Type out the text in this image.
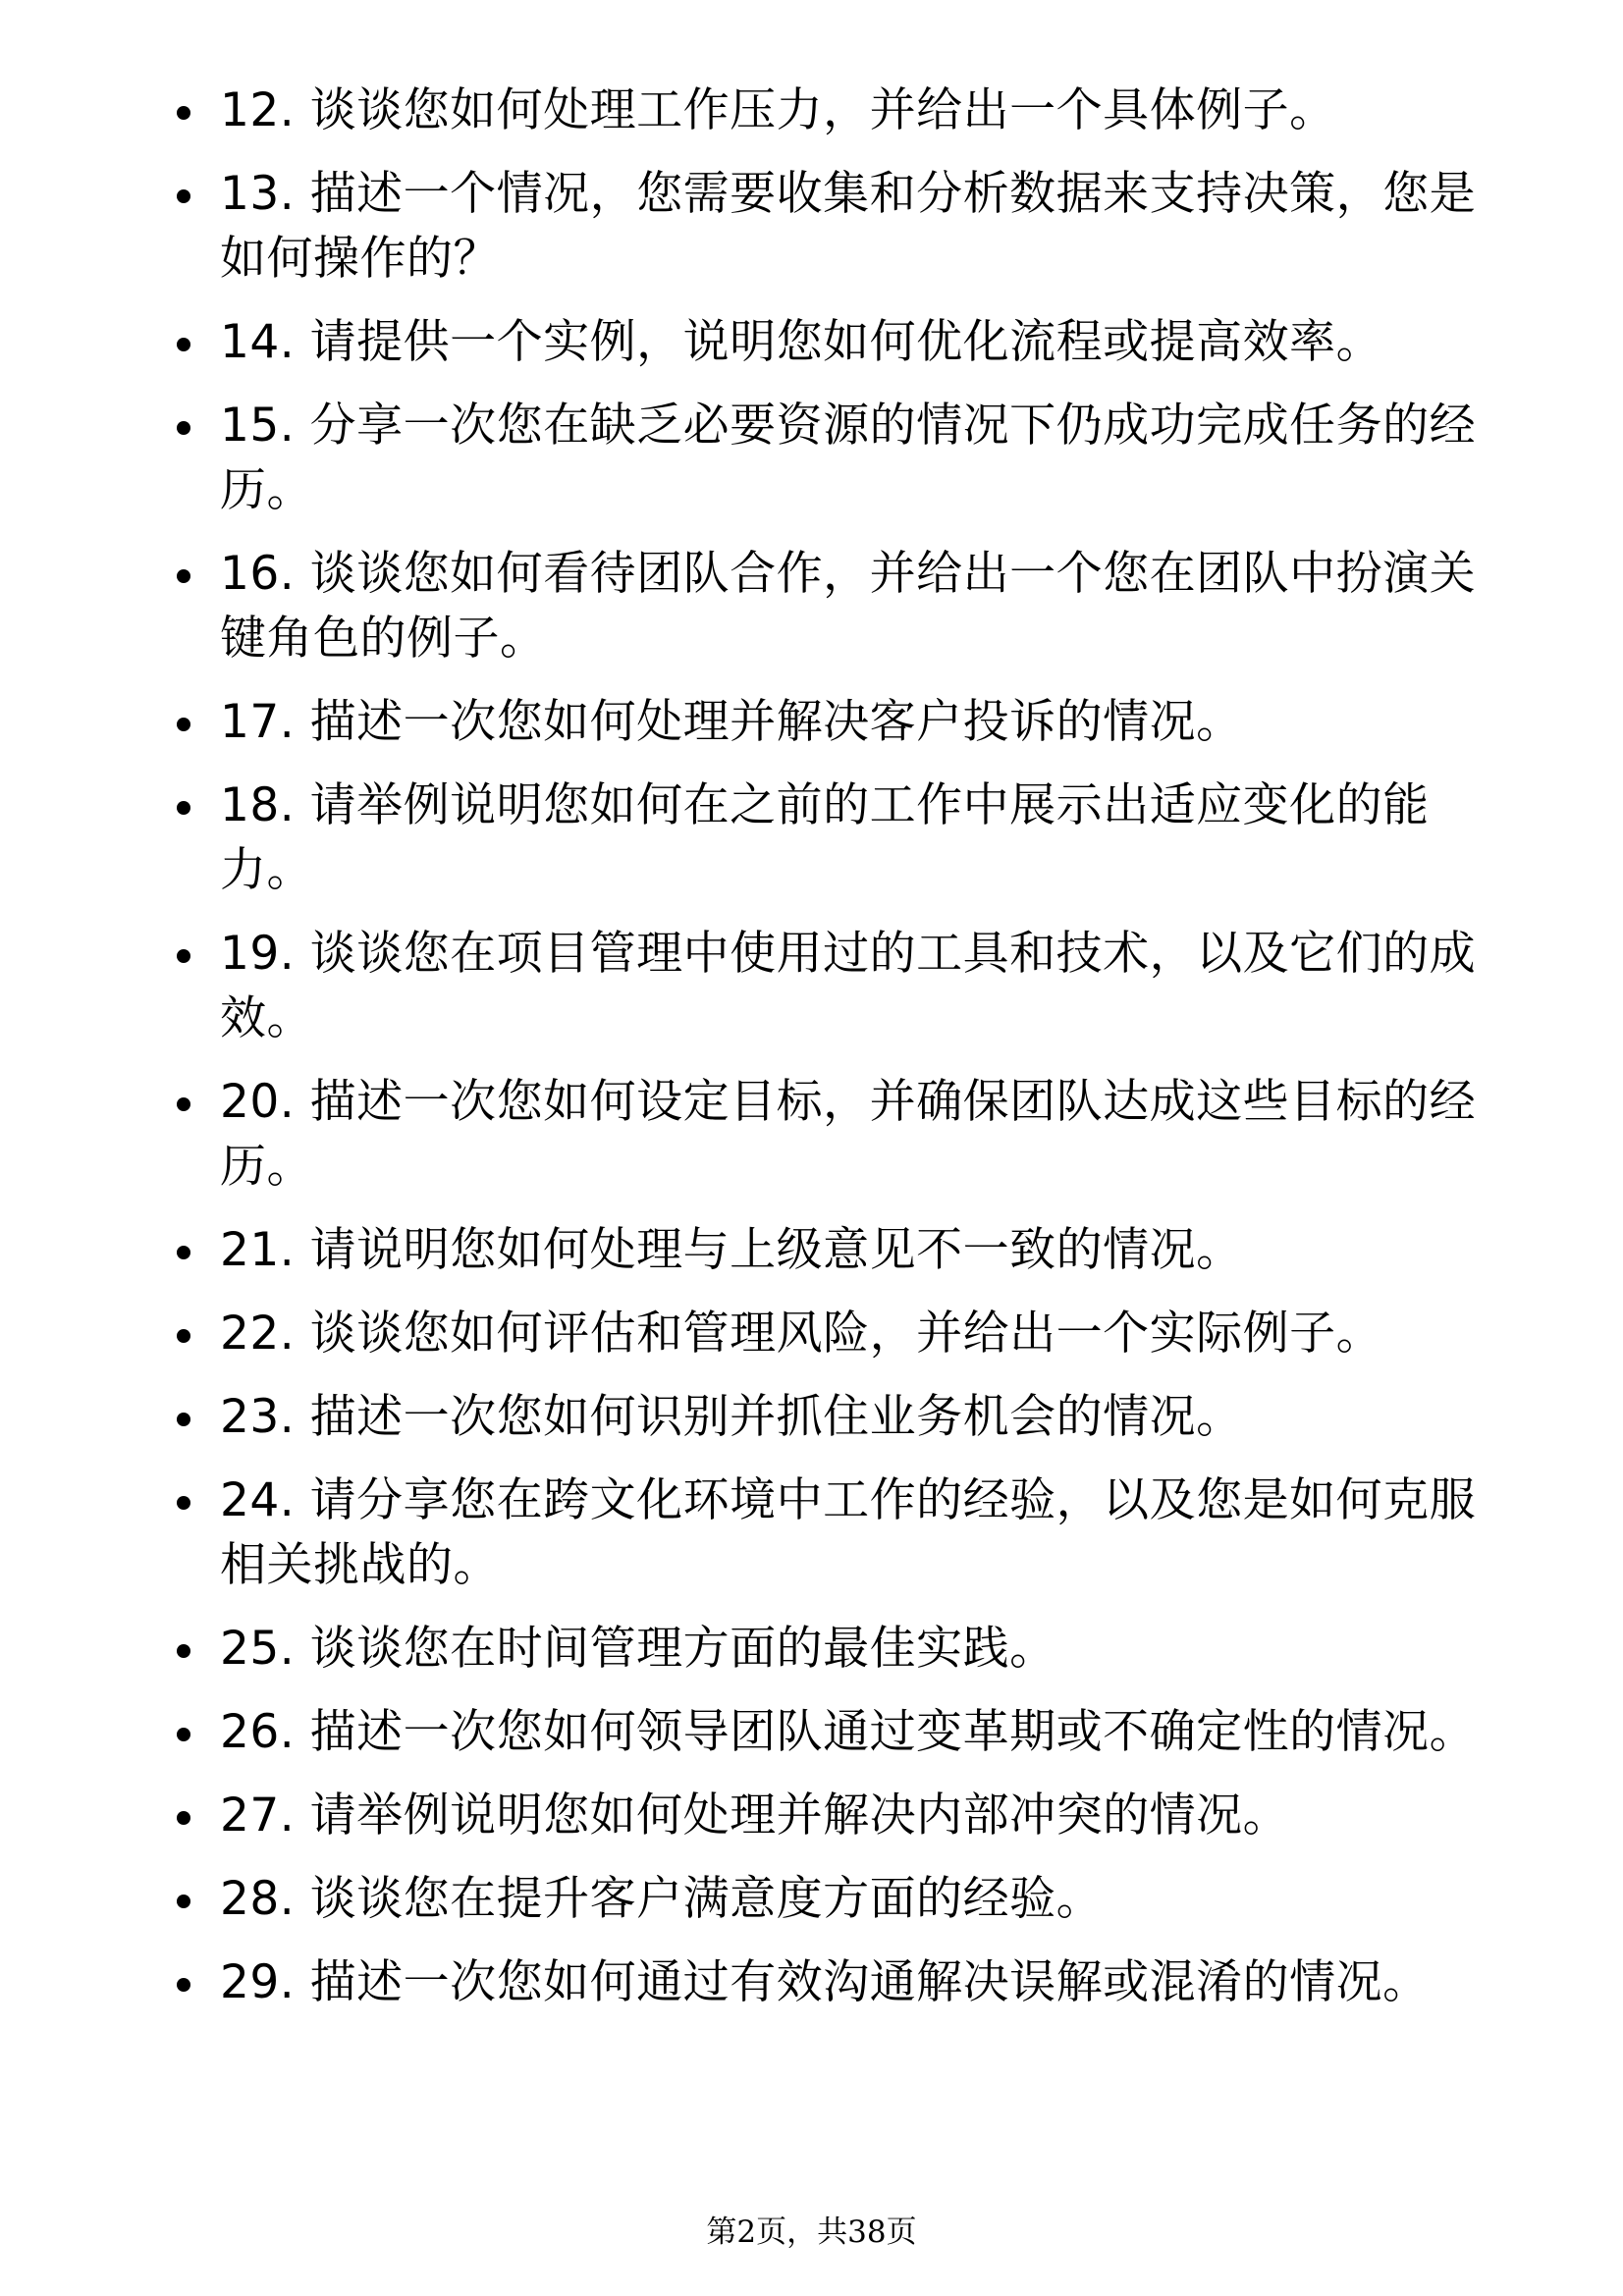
12. 谈谈您如何处理工作压力，并给出一个具体例子。
13. 描述一个情况，您需要收集和分析数据来支持决策，您是如何操作的？
14. 请提供一个实例，说明您如何优化流程或提高效率。
15. 分享一次您在缺乏必要资源的情况下仍成功完成任务的经历。
16. 谈谈您如何看待团队合作，并给出一个您在团队中扮演关键角色的例子。
17. 描述一次您如何处理并解决客户投诉的情况。
18. 请举例说明您如何在之前的工作中展示出适应变化的能力。
19. 谈谈您在项目管理中使用过的工具和技术，以及它们的成效。
20. 描述一次您如何设定目标，并确保团队达成这些目标的经历。
21. 请说明您如何处理与上级意见不一致的情况。
22. 谈谈您如何评估和管理风险，并给出一个实际例子。
23. 描述一次您如何识别并抓住业务机会的情况。
24. 请分享您在跨文化环境中工作的经验，以及您是如何克服相关挑战的。
25. 谈谈您在时间管理方面的最佳实践。
26. 描述一次您如何领导团队通过变革期或不确定性的情况。
27. 请举例说明您如何处理并解决内部冲突的情况。
28. 谈谈您在提升客户满意度方面的经验。
29. 描述一次您如何通过有效沟通解决误解或混淆的情况。
第2页，共38页
